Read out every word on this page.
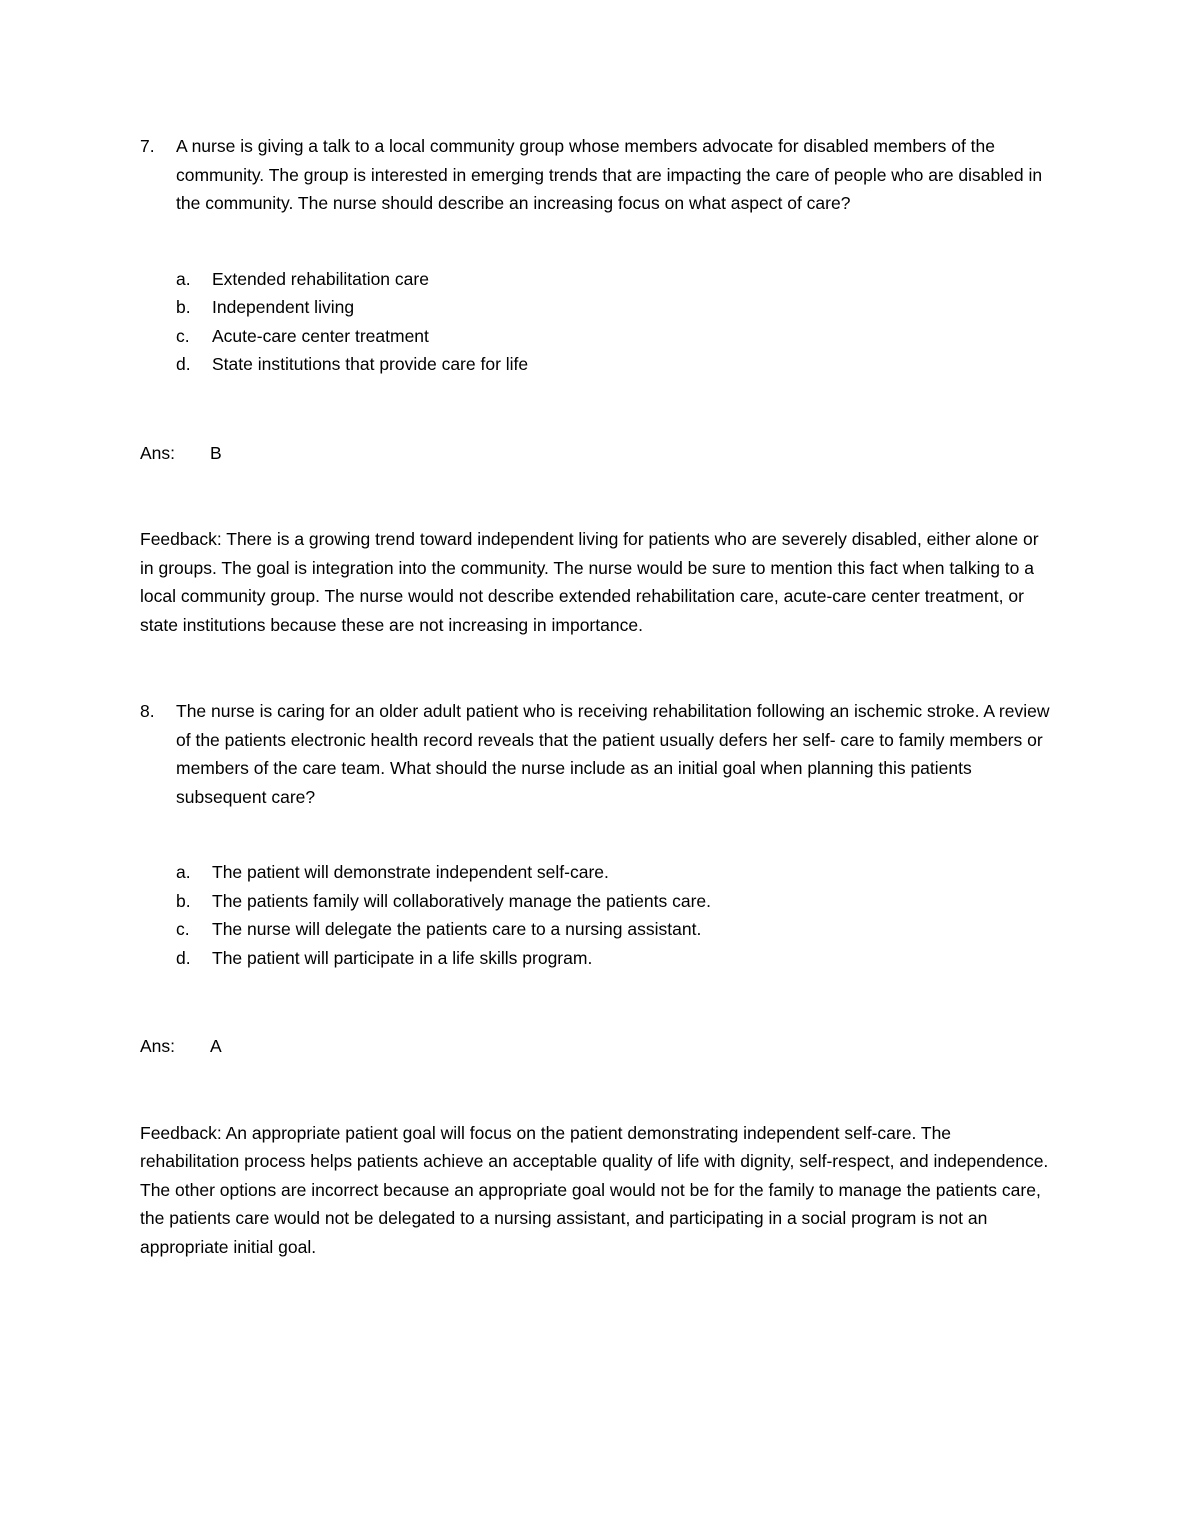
7.	A nurse is giving a talk to a local community group whose members advocate for disabled members of the community. The group is interested in emerging trends that are impacting the care of people who are disabled in the community. The nurse should describe an increasing focus on what aspect of care?
a.	Extended rehabilitation care
b.	Independent living
c.	Acute-care center treatment
d.	State institutions that provide care for life
Ans:	B
Feedback: There is a growing trend toward independent living for patients who are severely disabled, either alone or in groups. The goal is integration into the community. The nurse would be sure to mention this fact when talking to a local community group. The nurse would not describe extended rehabilitation care, acute-care center treatment, or state institutions because these are not increasing in importance.
8.	The nurse is caring for an older adult patient who is receiving rehabilitation following an ischemic stroke. A review of the patients electronic health record reveals that the patient usually defers her self- care to family members or members of the care team. What should the nurse include as an initial goal when planning this patients subsequent care?
a.	The patient will demonstrate independent self-care.
b.	The patients family will collaboratively manage the patients care.
c.	The nurse will delegate the patients care to a nursing assistant.
d.	The patient will participate in a life skills program.
Ans:	A
Feedback: An appropriate patient goal will focus on the patient demonstrating independent self-care. The rehabilitation process helps patients achieve an acceptable quality of life with dignity, self-respect, and independence. The other options are incorrect because an appropriate goal would not be for the family to manage the patients care, the patients care would not be delegated to a nursing assistant, and participating in a social program is not an appropriate initial goal.
